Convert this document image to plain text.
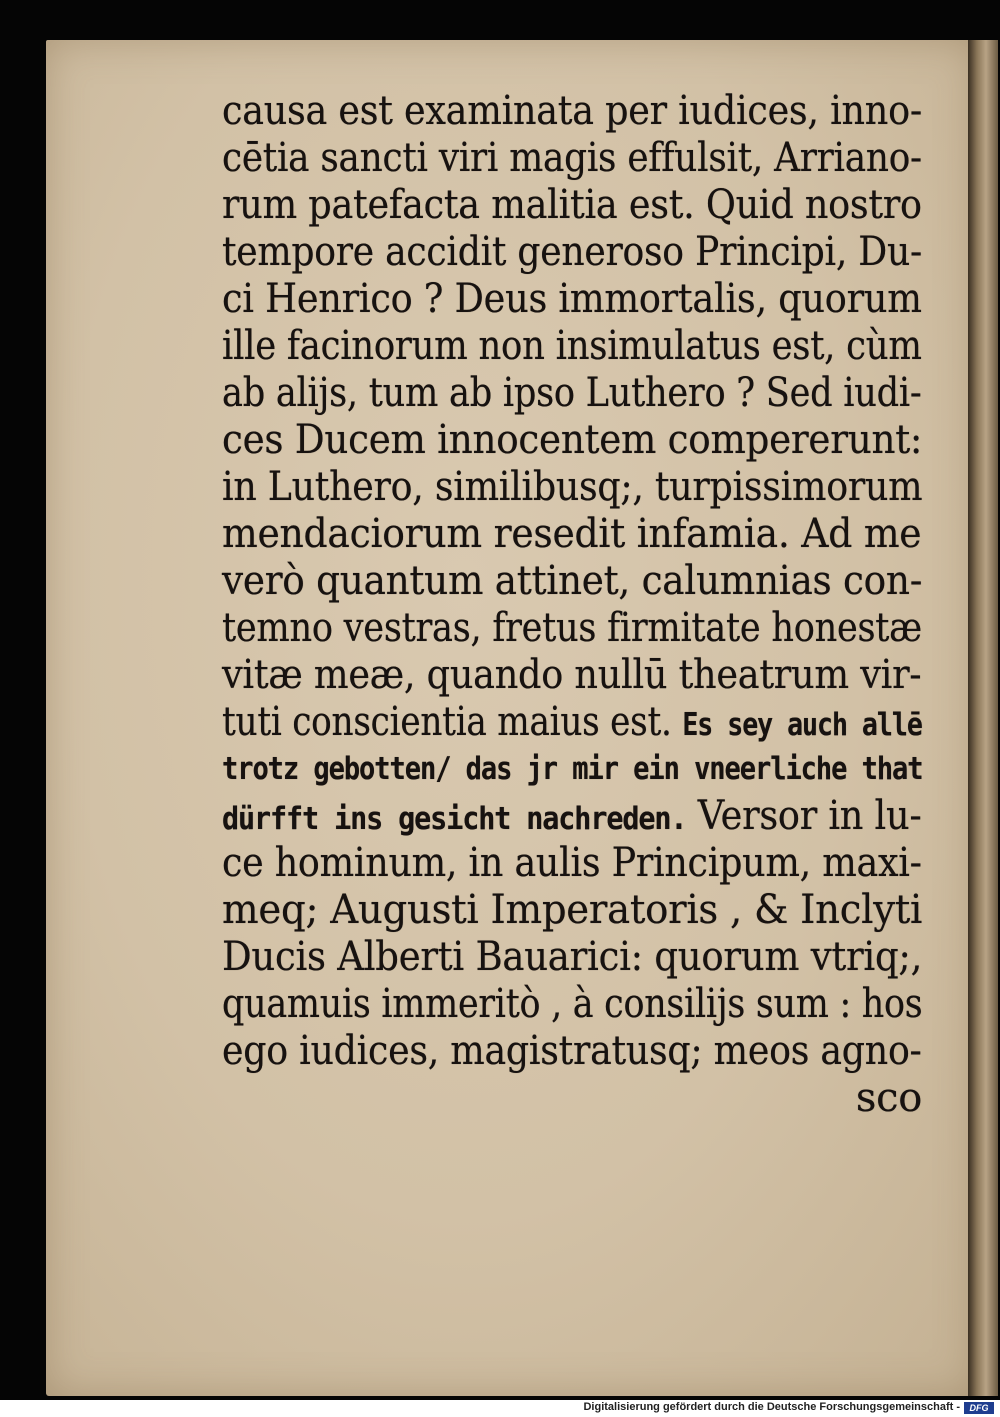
causa est examinata per iudices, inno-
cētia sancti viri magis effulsit, Arriano-
rum patefacta malitia est. Quid nostro
tempore accidit generoso Principi, Du-
ci Henrico ? Deus immortalis, quorum
ille facinorum non insimulatus est, cùm
ab alijs, tum ab ipso Luthero ? Sed iudi-
ces Ducem innocentem compererunt:
in Luthero, similibusq;, turpissimorum
mendaciorum resedit infamia. Ad me
verò quantum attinet, calumnias con-
temno vestras, fretus firmitate honestæ
vitæ meæ, quando nullū theatrum vir-
tuti conscientia maius est. Es sey auch allē
trotz gebotten/ das jr mir ein vneerliche that
dürfft ins gesicht nachreden. Versor in lu-
ce hominum, in aulis Principum, maxi-
meq; Augusti Imperatoris , & Inclyti
Ducis Alberti Bauarici: quorum vtriq;,
quamuis immeritò , à consilijs sum : hos
ego iudices, magistratusq; meos agno-
sco
Digitalisierung gefördert durch die Deutsche Forschungsgemeinschaft -	DFG
